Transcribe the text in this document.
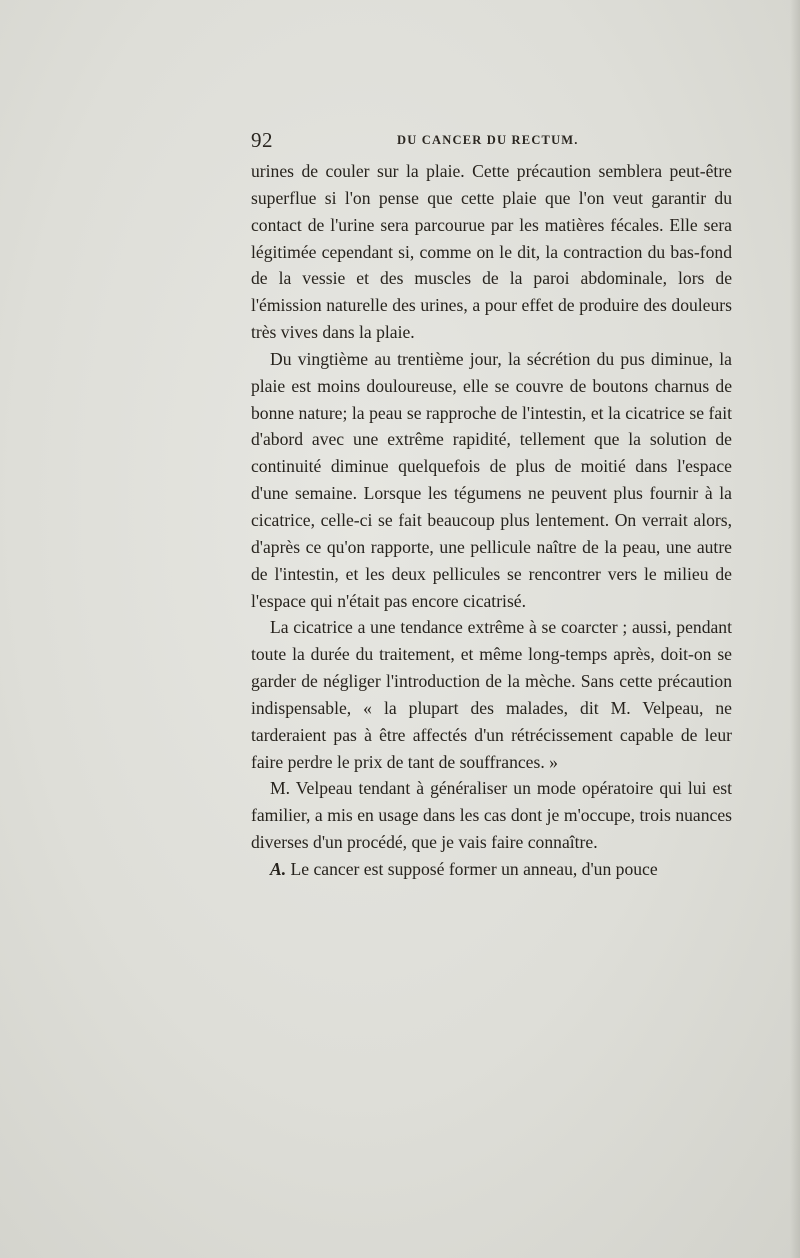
92	DU CANCER DU RECTUM.

urines de couler sur la plaie. Cette précaution semblera peut-être superflue si l'on pense que cette plaie que l'on veut garantir du contact de l'urine sera parcourue par les matières fécales. Elle sera légitimée cependant si, comme on le dit, la contraction du bas-fond de la vessie et des muscles de la paroi abdominale, lors de l'émission naturelle des urines, a pour effet de produire des douleurs très vives dans la plaie.

Du vingtième au trentième jour, la sécrétion du pus diminue, la plaie est moins douloureuse, elle se couvre de boutons charnus de bonne nature; la peau se rapproche de l'intestin, et la cicatrice se fait d'abord avec une extrême rapidité, tellement que la solution de continuité diminue quelquefois de plus de moitié dans l'espace d'une semaine. Lorsque les tégumens ne peuvent plus fournir à la cicatrice, celle-ci se fait beaucoup plus lentement. On verrait alors, d'après ce qu'on rapporte, une pellicule naître de la peau, une autre de l'intestin, et les deux pellicules se rencontrer vers le milieu de l'espace qui n'était pas encore cicatrisé.

La cicatrice a une tendance extrême à se coarcter ; aussi, pendant toute la durée du traitement, et même long-temps après, doit-on se garder de négliger l'introduction de la mèche. Sans cette précaution indispensable, « la plupart des malades, dit M. Velpeau, ne tarderaient pas à être affectés d'un rétrécissement capable de leur faire perdre le prix de tant de souffrances. »

M. Velpeau tendant à généraliser un mode opératoire qui lui est familier, a mis en usage dans les cas dont je m'occupe, trois nuances diverses d'un procédé, que je vais faire connaître.

A. Le cancer est supposé former un anneau, d'un pouce
